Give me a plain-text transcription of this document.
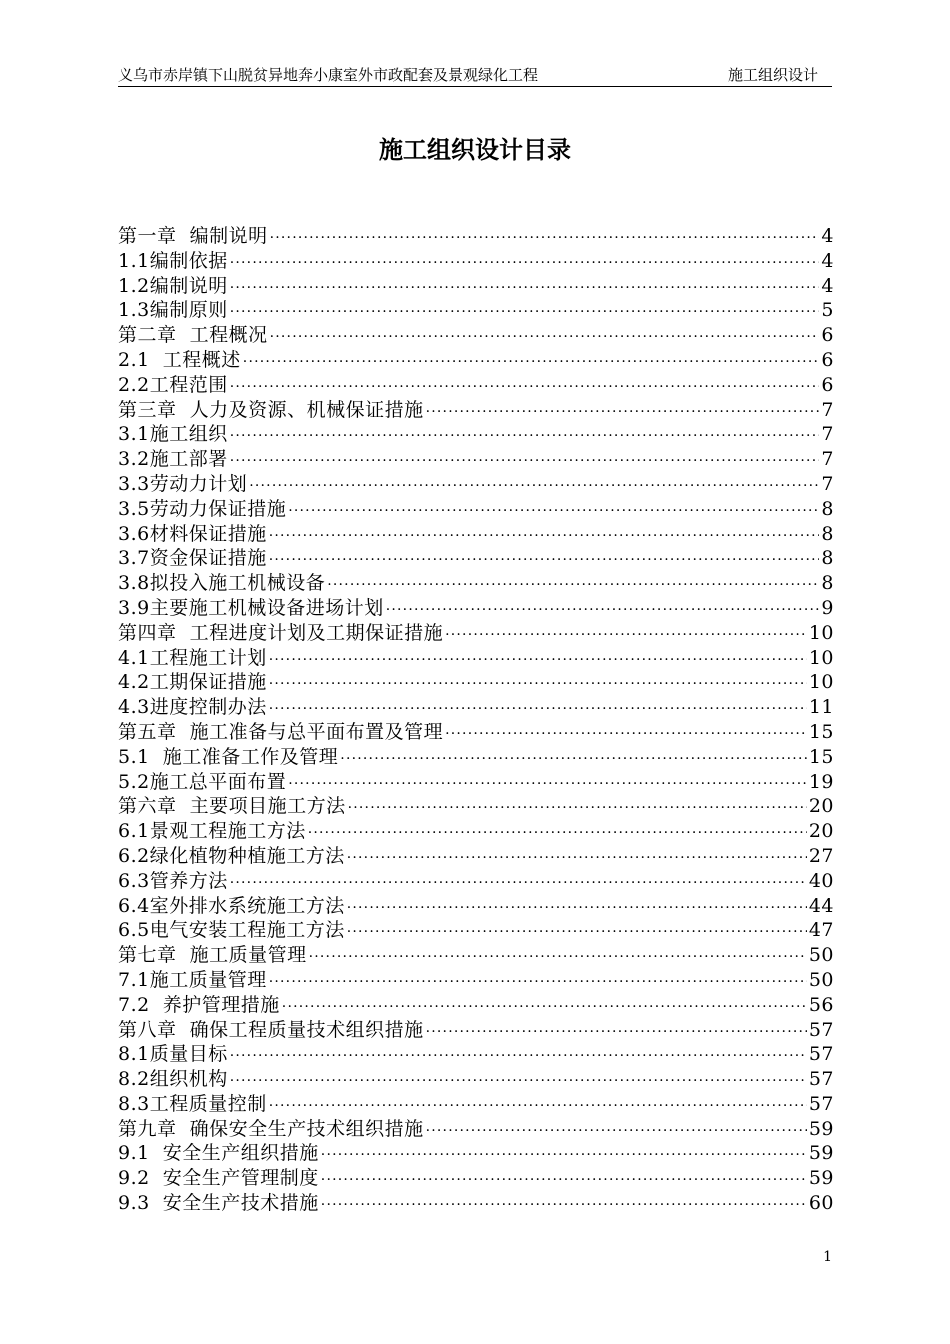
义乌市赤岸镇下山脱贫异地奔小康室外市政配套及景观绿化工程	施工组织设计
施工组织设计目录
第一章  编制说明 ·····	4
1.1编制依据 ·····	4
1.2编制说明 ·····	4
1.3编制原则 ·····	5
第二章  工程概况 ·····	6
2.1  工程概述 ·····	6
2.2工程范围 ·····	6
第三章  人力及资源、机械保证措施 ·····	7
3.1施工组织 ·····	7
3.2施工部署 ·····	7
3.3劳动力计划 ·····	7
3.5劳动力保证措施 ·····	8
3.6材料保证措施 ·····	8
3.7资金保证措施 ·····	8
3.8拟投入施工机械设备 ·····	8
3.9主要施工机械设备进场计划 ·····	9
第四章  工程进度计划及工期保证措施 ·····	10
4.1工程施工计划 ·····	10
4.2工期保证措施 ·····	10
4.3进度控制办法 ·····	11
第五章  施工准备与总平面布置及管理 ·····	15
5.1  施工准备工作及管理 ·····	15
5.2施工总平面布置 ·····	19
第六章  主要项目施工方法 ·····	20
6.1景观工程施工方法 ·····	20
6.2绿化植物种植施工方法 ·····	27
6.3管养方法 ·····	40
6.4室外排水系统施工方法 ·····	44
6.5电气安装工程施工方法 ·····	47
第七章  施工质量管理 ·····	50
7.1施工质量管理 ·····	50
7.2  养护管理措施 ·····	56
第八章  确保工程质量技术组织措施 ·····	57
8.1质量目标 ·····	57
8.2组织机构 ·····	57
8.3工程质量控制 ·····	57
第九章  确保安全生产技术组织措施 ·····	59
9.1  安全生产组织措施 ·····	59
9.2  安全生产管理制度 ·····	59
9.3  安全生产技术措施 ·····	60
1
